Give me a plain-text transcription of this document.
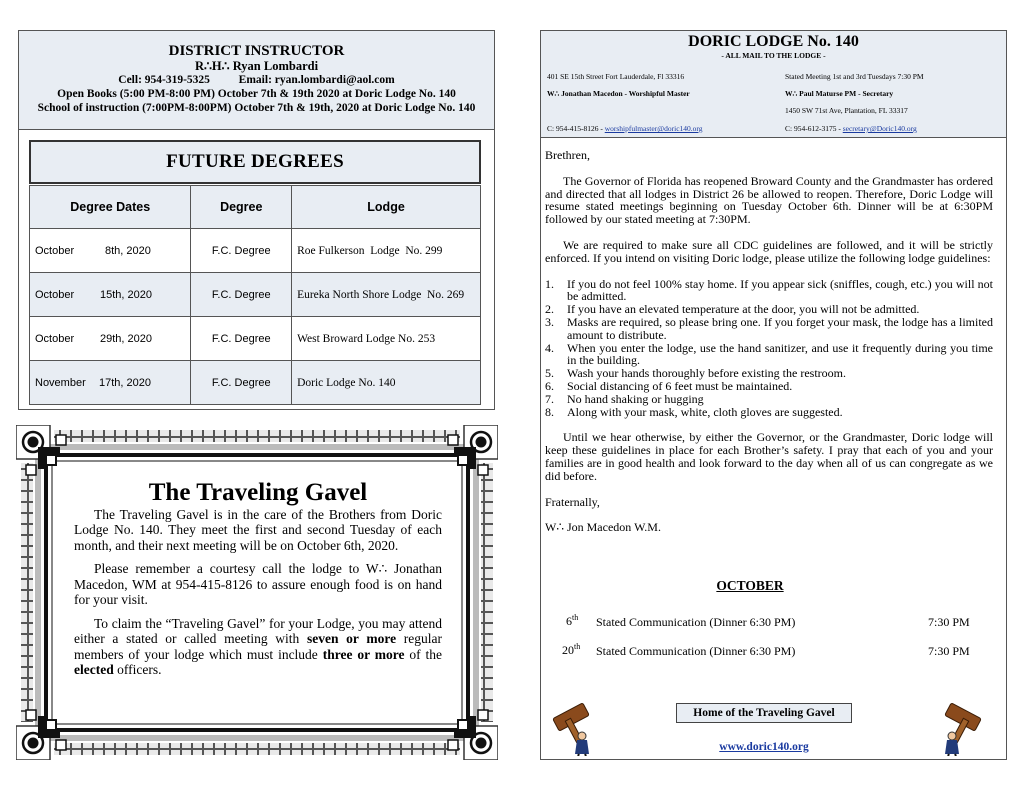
DISTRICT INSTRUCTOR
R∴H∴ Ryan Lombardi
Cell: 954-319-5325          Email: ryan.lombardi@aol.com
Open Books (5:00 PM-8:00 PM) October 7th & 19th 2020 at Doric Lodge No. 140
School of instruction (7:00PM-8:00PM) October 7th & 19th, 2020 at Doric Lodge No. 140
FUTURE DEGREES
Degree Dates	Degree	Lodge
October 8th, 2020	F.C. Degree	Roe Fulkerson  Lodge  No. 299
October 15th, 2020	F.C. Degree	Eureka North Shore Lodge  No. 269
October 29th, 2020	F.C. Degree	West Broward Lodge No. 253
November 17th, 2020	F.C. Degree	Doric Lodge No. 140
The Traveling Gavel

The Traveling Gavel is in the care of the Brothers from Doric Lodge No. 140. They meet the first and second Tuesday of each month, and their next meeting will be on October 6th, 2020.

Please remember a courtesy call the lodge to W∴ Jonathan Macedon, WM at 954-415-8126 to assure enough food is on hand for your visit.

To claim the “Traveling Gavel” for your Lodge, you may attend either a stated or called meeting with seven or more regular members of your lodge which must include three or more of the elected officers.

DORIC LODGE No. 140
- ALL MAIL TO THE LODGE -
401 SE 15th Street Fort Lauderdale, Fl 33316
W∴ Jonathan Macedon - Worshipful Master
C: 954-415-8126 - worshipfulmaster@doric140.org
Stated Meeting 1st and 3rd Tuesdays 7:30 PM
W∴ Paul Maturse PM - Secretary
1450 SW 71st Ave, Plantation, FL 33317
C: 954-612-3175 - secretary@Doric140.org

Brethren,

The Governor of Florida has reopened Broward County and the Grandmaster has ordered and directed that all lodges in District 26 be allowed to reopen. Therefore, Doric Lodge will resume stated meetings beginning on Tuesday October 6th. Dinner will be at 6:30PM followed by our stated meeting at 7:30PM.

We are required to make sure all CDC guidelines are followed, and it will be strictly enforced. If you intend on visiting Doric lodge, please utilize the following lodge guidelines:

1.	If you do not feel 100% stay home. If you appear sick (sniffles, cough, etc.) you will not be admitted.
2.	If you have an elevated temperature at the door, you will not be admitted.
3.	Masks are required, so please bring one. If you forget your mask, the lodge has a limited amount to distribute.
4.	When you enter the lodge, use the hand sanitizer, and use it frequently during you time in the building.
5.	Wash your hands thoroughly before existing the restroom.
6.	Social distancing of 6 feet must be maintained.
7.	No hand shaking or hugging
8.	Along with your mask, white, cloth gloves are suggested.

Until we hear otherwise, by either the Governor, or the Grandmaster, Doric lodge will keep these guidelines in place for each Brother’s safety. I pray that each of you and your families are in good health and look forward to the day when all of us can congregate as we did before.

Fraternally,

W∴ Jon Macedon W.M.

OCTOBER
6th Stated Communication (Dinner 6:30 PM)	7:30 PM
20th Stated Communication (Dinner 6:30 PM)	7:30 PM
Home of the Traveling Gavel
www.doric140.org
